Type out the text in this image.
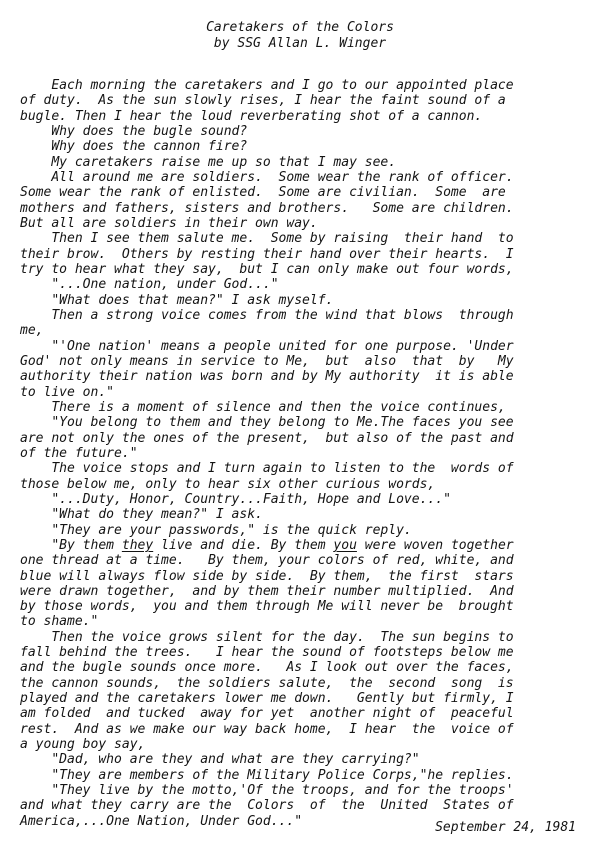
Caretakers of the Colors
by SSG Allan L. Winger
Each morning the caretakers and I go to our appointed place
of duty.  As the sun slowly rises, I hear the faint sound of a
bugle. Then I hear the loud reverberating shot of a cannon.
Why does the bugle sound?
Why does the cannon fire?
My caretakers raise me up so that I may see.
All around me are soldiers.  Some wear the rank of officer.
Some wear the rank of enlisted.  Some are civilian.  Some  are
mothers and fathers, sisters and brothers.   Some are children.
But all are soldiers in their own way.
Then I see them salute me.  Some by raising  their hand  to
their brow.  Others by resting their hand over their hearts.  I
try to hear what they say,  but I can only make out four words,
"...One nation, under God..."
"What does that mean?" I ask myself.
Then a strong voice comes from the wind that blows  through
me,
"'One nation' means a people united for one purpose. 'Under
God' not only means in service to Me,  but  also  that  by   My
authority their nation was born and by My authority  it is able
to live on."
There is a moment of silence and then the voice continues,
"You belong to them and they belong to Me.The faces you see
are not only the ones of the present,  but also of the past and
of the future."
The voice stops and I turn again to listen to the  words of
those below me, only to hear six other curious words,
"...Duty, Honor, Country...Faith, Hope and Love..."
"What do they mean?" I ask.
"They are your passwords," is the quick reply.
"By them they live and die. By them you were woven together
one thread at a time.   By them, your colors of red, white, and
blue will always flow side by side.  By them,  the first  stars
were drawn together,  and by them their number multiplied.  And
by those words,  you and them through Me will never be  brought
to shame."
Then the voice grows silent for the day.  The sun begins to
fall behind the trees.   I hear the sound of footsteps below me
and the bugle sounds once more.   As I look out over the faces,
the cannon sounds,  the soldiers salute,  the  second  song  is
played and the caretakers lower me down.   Gently but firmly, I
am folded  and tucked  away for yet  another night of  peaceful
rest.  And as we make our way back home,  I hear  the  voice of
a young boy say,
"Dad, who are they and what are they carrying?"
"They are members of the Military Police Corps,"he replies.
"They live by the motto,'Of the troops, and for the troops'
and what they carry are the  Colors  of  the  United  States of
America,...One Nation, Under God..."	September 24, 1981
